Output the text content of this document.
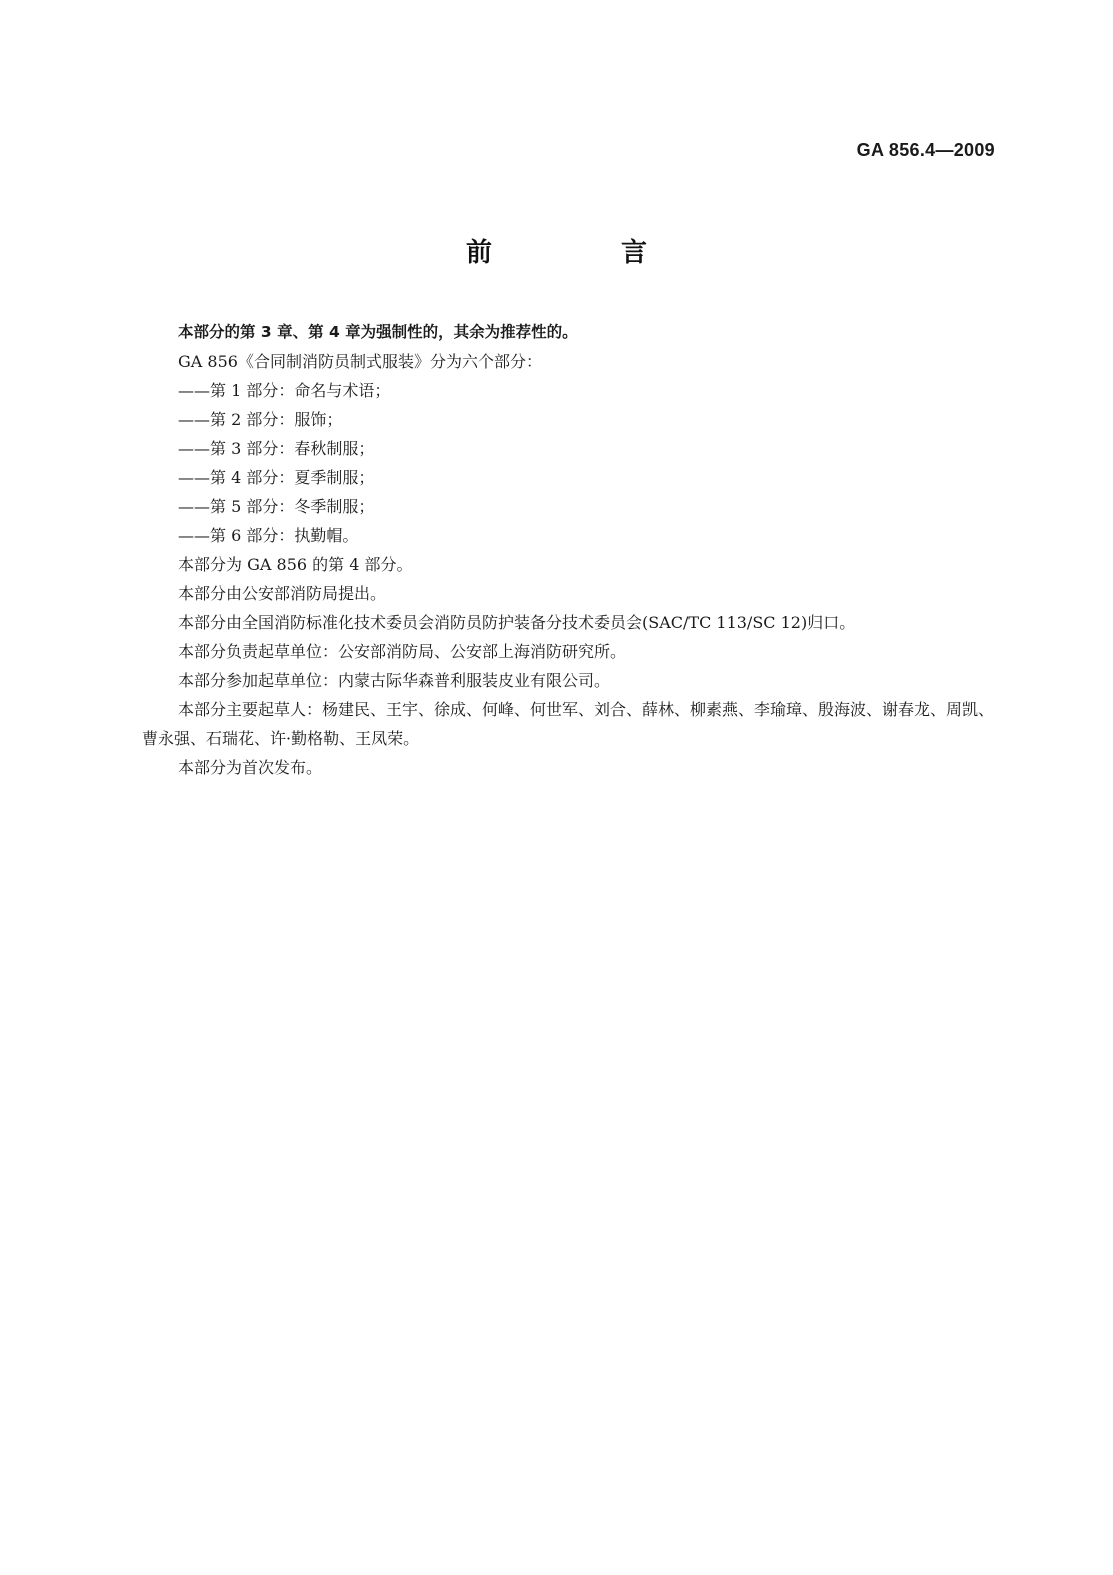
GA 856.4—2009
前 言

本部分的第 3 章、第 4 章为强制性的，其余为推荐性的。

GA 856《合同制消防员制式服装》分为六个部分：

——第 1 部分：命名与术语；

——第 2 部分：服饰；

——第 3 部分：春秋制服；

——第 4 部分：夏季制服；

——第 5 部分：冬季制服；

——第 6 部分：执勤帽。

本部分为 GA 856 的第 4 部分。

本部分由公安部消防局提出。

本部分由全国消防标准化技术委员会消防员防护装备分技术委员会(SAC/TC 113/SC 12)归口。

本部分负责起草单位：公安部消防局、公安部上海消防研究所。

本部分参加起草单位：内蒙古际华森普利服装皮业有限公司。

本部分主要起草人：杨建民、王宇、徐成、何峰、何世军、刘合、薛林、柳素燕、李瑜璋、殷海波、谢春龙、周凯、曹永强、石瑞花、许·勤格勒、王凤荣。

本部分为首次发布。
